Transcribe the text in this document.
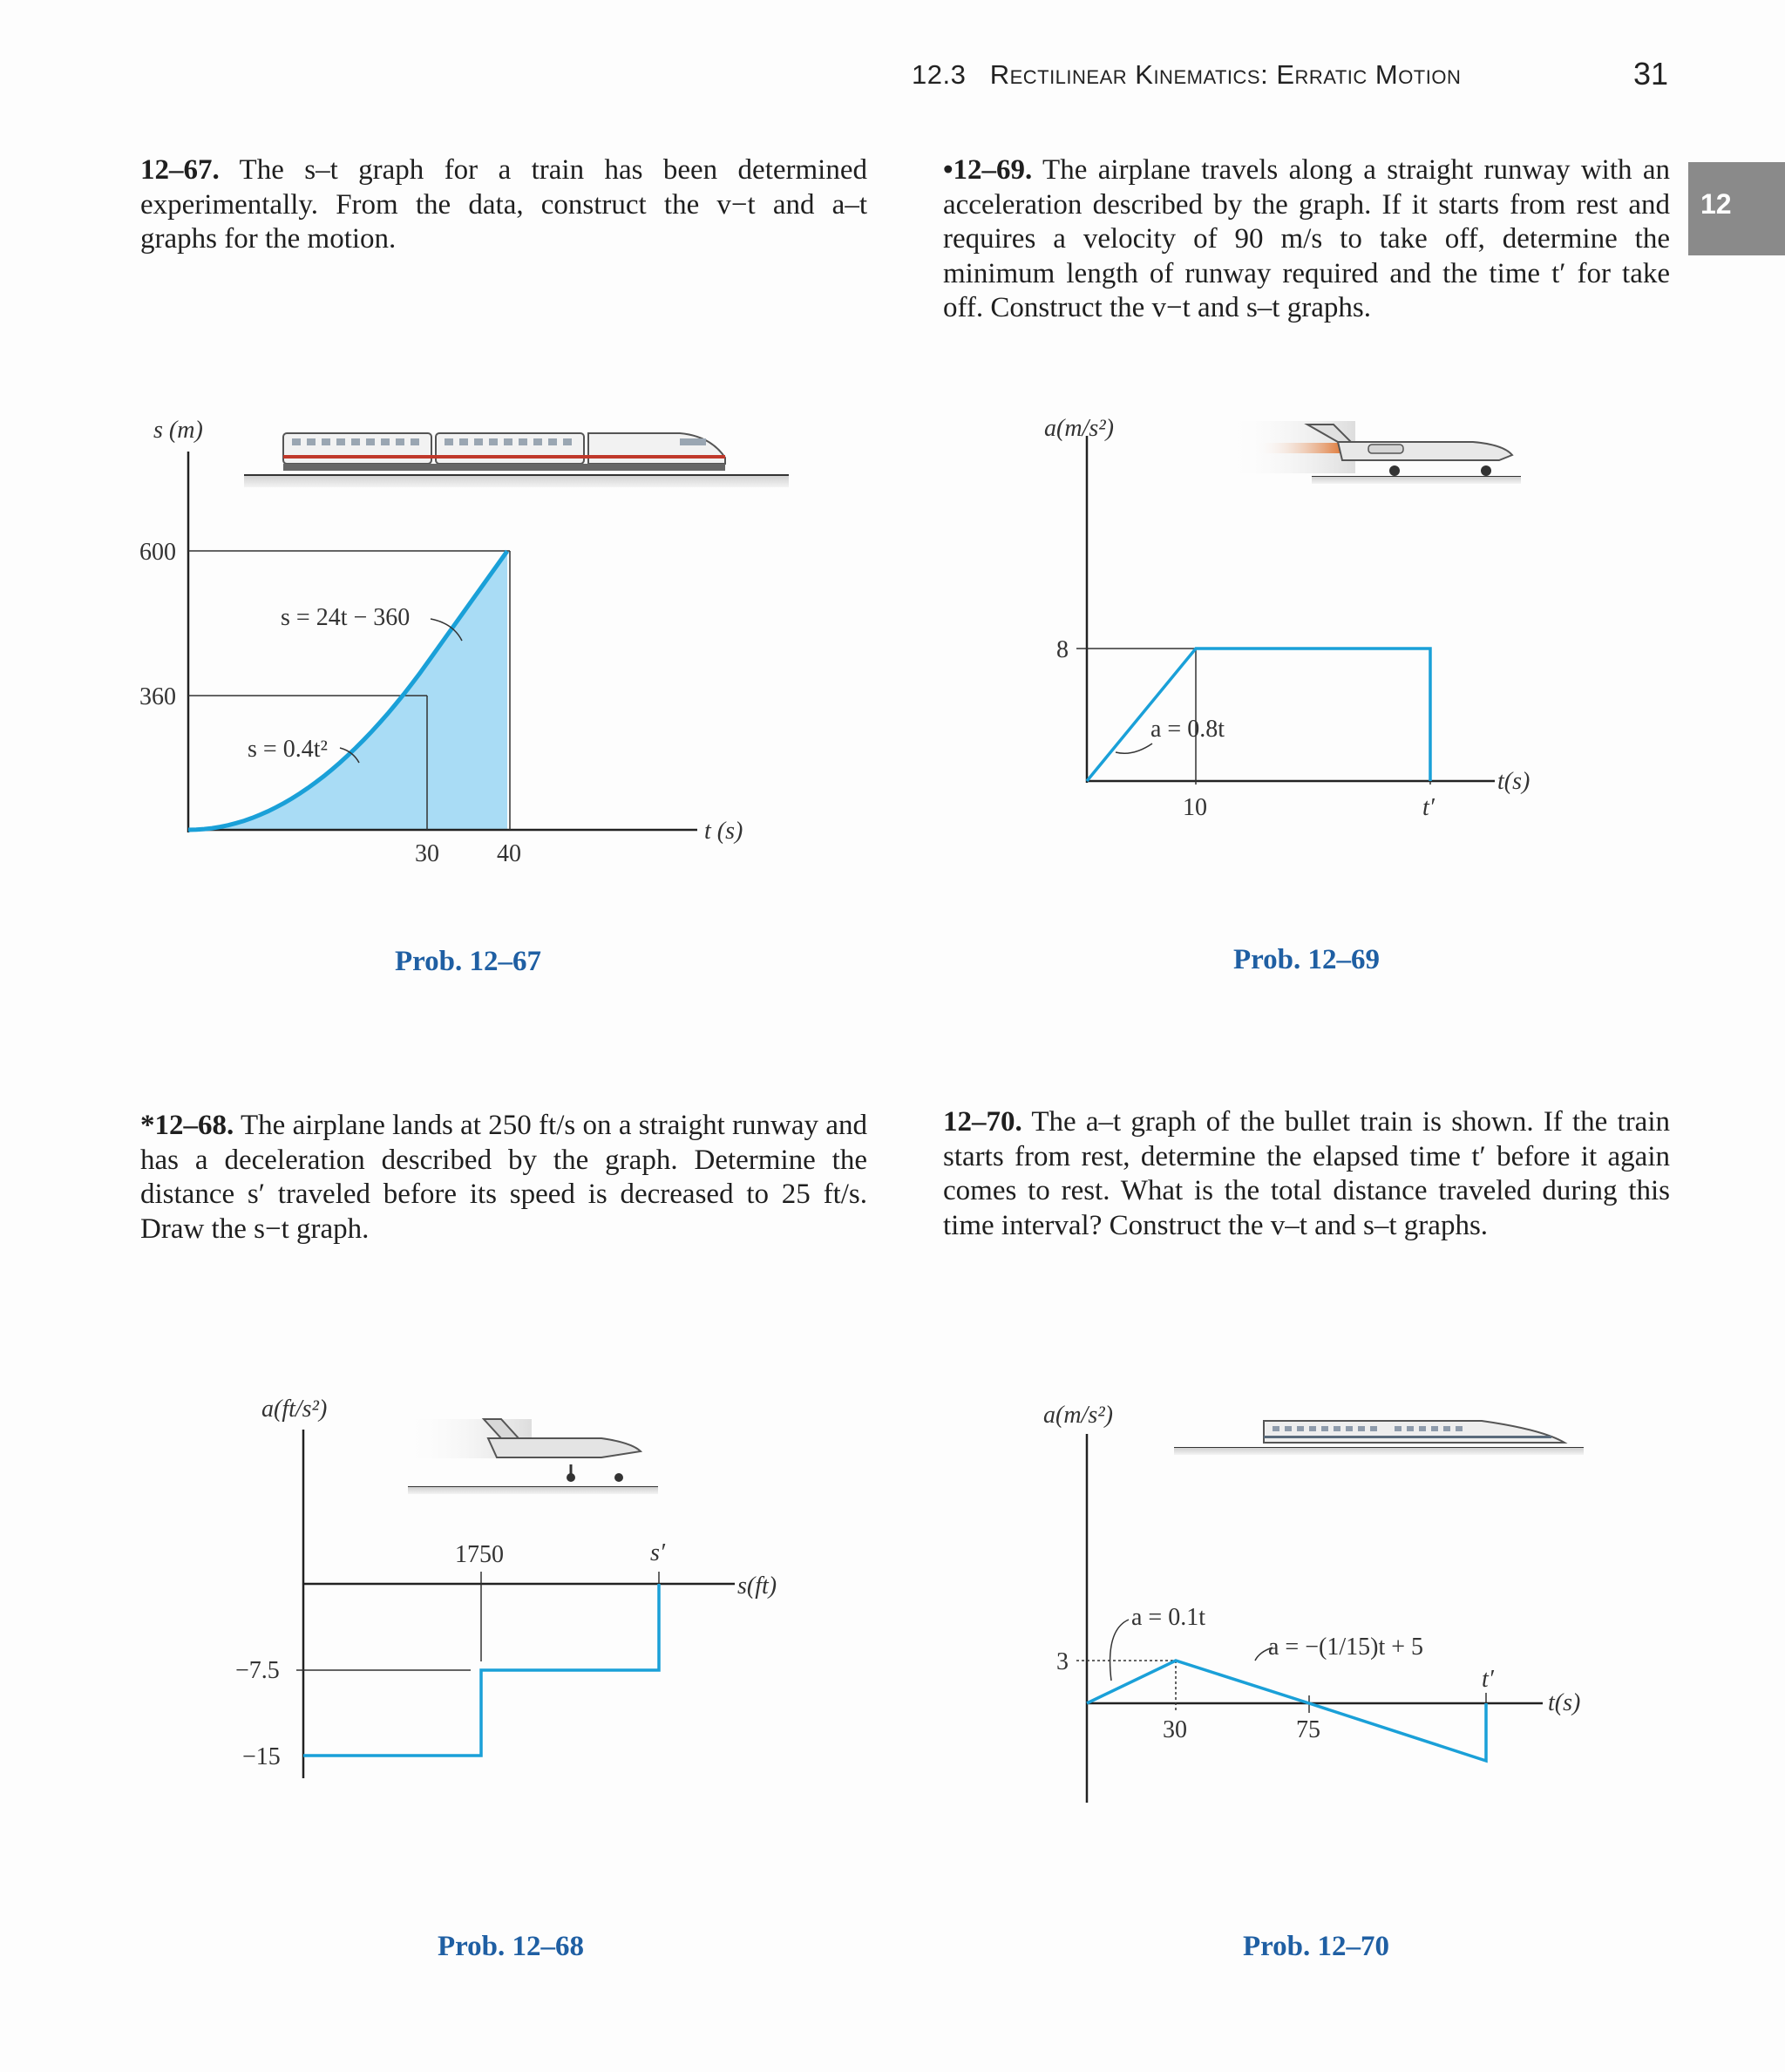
12.3 Rectilinear Kinematics: Erratic Motion	31
12
12–67. The s–t graph for a train has been determined experimentally. From the data, construct the v−t and a–t graphs for the motion.
•12–69. The airplane travels along a straight runway with an acceleration described by the graph. If it starts from rest and requires a velocity of 90 m/s to take off, determine the minimum length of runway required and the time t′ for take off. Construct the v−t and s–t graphs.
*12–68. The airplane lands at 250 ft/s on a straight runway and has a deceleration described by the graph. Determine the distance s′ traveled before its speed is decreased to 25 ft/s. Draw the s−t graph.
12–70. The a–t graph of the bullet train is shown. If the train starts from rest, determine the elapsed time t′ before it again comes to rest. What is the total distance traveled during this time interval? Construct the v–t and s–t graphs.
Prob. 12–67	Prob. 12–69
Prob. 12–68	Prob. 12–70
s (m)
600
360
30 40
t (s)
s = 24t − 360
s = 0.4t²
a(m/s²)
8
10	t′
t(s)
a = 0.8t
a(ft/s²)
−7.5
−15
1750	s′
s(ft)
a(m/s²)
3
30	75
t′
t(s)
a = 0.1t
a = −(1/15)t + 5
